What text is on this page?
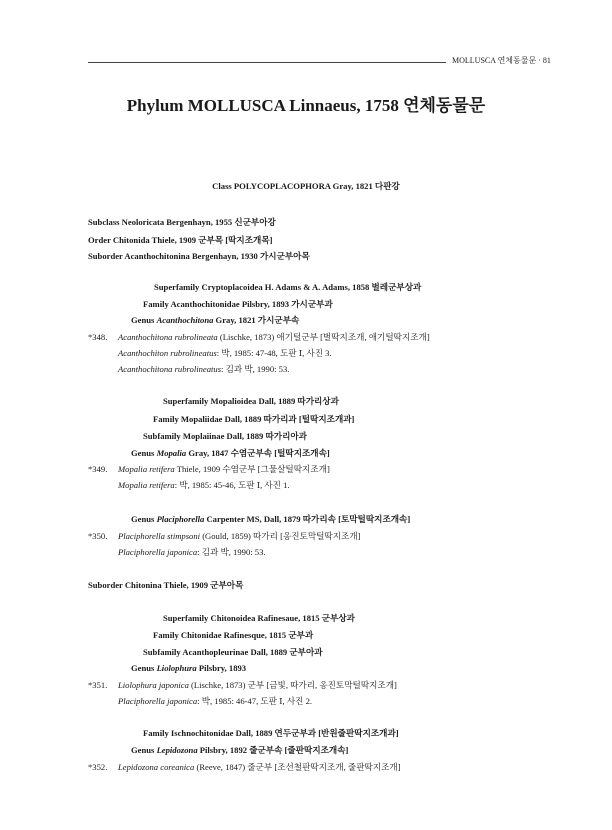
MOLLUSCA 연체동물문 · 81
Phylum MOLLUSCA Linnaeus, 1758 연체동물문
Class POLYCOPLACOPHORA Gray, 1821 다판강
Subclass Neoloricata Bergenhayn, 1955 신군부아강
Order Chitonida Thiele, 1909 군부목 [딱지조개목]
Suborder Acanthochitonina Bergenhayn, 1930 가시군부아목
Superfamily Cryptoplacoidea H. Adams & A. Adams, 1858 벌레군부상과
Family Acanthochitonidae Pilsbry, 1893 가시군부과
Genus Acanthochitona Gray, 1821 가시군부속
*348. Acanthochitona rubrolineata (Lischke, 1873) 애기털군부 [벌딱지조개, 애기털딱지조개]
Acanthochiton rubrolineatus: 박, 1985: 47-48, 도판 Ⅰ, 사진 3.
Acanthochitona rubrolineatus: 김과 박, 1990: 53.
Superfamily Mopalioidea Dall, 1889 따가리상과
Family Mopaliidae Dall, 1889 따가리과 [털딱지조개과]
Subfamily Moplaiinae Dall, 1889 따가리아과
Genus Mopalia Gray, 1847 수염군부속 [털딱지조개속]
*349. Mopalia retifera Thiele, 1909 수염군부 [그물살털딱지조개]
Mopalia retifera: 박, 1985: 45-46, 도판 Ⅰ, 사진 1.
Genus Placiphorella Carpenter MS, Dall, 1879 따가리속 [토막털딱지조개속]
*350. Placiphorella stimpsoni (Gould, 1859) 따가리 [옹진토막털딱지조개]
Placiphorella japonica: 김과 박, 1990: 53.
Suborder Chitonina Thiele, 1909 군부아목
Superfamily Chitonoidea Rafinesaue, 1815 군부상과
Family Chitonidae Rafinesque, 1815 군부과
Subfamily Acanthopleurinae Dall, 1889 군부아과
Genus Liolophura Pilsbry, 1893
*351. Liolophura japonica (Lischke, 1873) 군부 [금빛, 따가리, 옹진토막털딱지조개]
Placiphorella japonica: 박, 1985: 46-47, 도판 Ⅰ, 사진 2.
Family Ischnochitonidae Dall, 1889 연두군부과 [반원줄판딱지조개과]
Genus Lepidozona Pilsbry, 1892 줄군부속 [줄판딱지조개속]
*352. Lepidozona coreanica (Reeve, 1847) 줄군부 [조선철판딱지조개, 줄판딱지조개]
